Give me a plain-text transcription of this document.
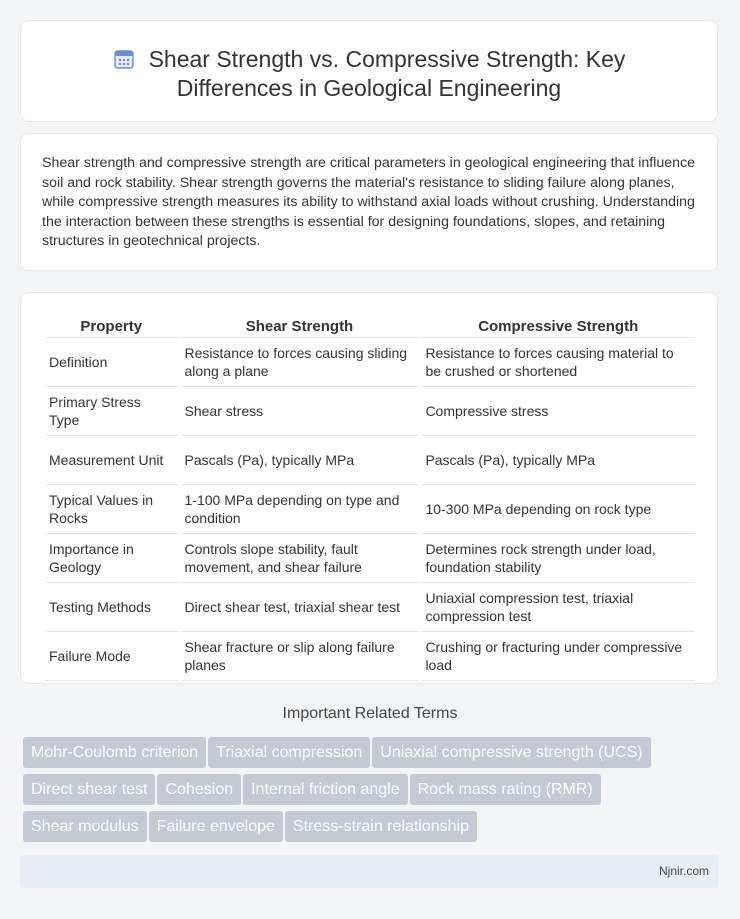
Shear Strength vs. Compressive Strength: Key
Differences in Geological Engineering
Shear strength and compressive strength are critical parameters in geological engineering that influence soil and rock stability. Shear strength governs the material's resistance to sliding failure along planes, while compressive strength measures its ability to withstand axial loads without crushing. Understanding the interaction between these strengths is essential for designing foundations, slopes, and retaining structures in geotechnical projects.
Property	Shear Strength	Compressive Strength
Definition	Resistance to forces causing sliding along a plane	Resistance to forces causing material to be crushed or shortened
Primary Stress Type	Shear stress	Compressive stress
Measurement Unit	Pascals (Pa), typically MPa	Pascals (Pa), typically MPa
Typical Values in Rocks	1-100 MPa depending on type and condition	10-300 MPa depending on rock type
Importance in Geology	Controls slope stability, fault movement, and shear failure	Determines rock strength under load, foundation stability
Testing Methods	Direct shear test, triaxial shear test	Uniaxial compression test, triaxial compression test
Failure Mode	Shear fracture or slip along failure planes	Crushing or fracturing under compressive load
Important Related Terms
Mohr-Coulomb criterion	Triaxial compression	Uniaxial compressive strength (UCS)
Direct shear test	Cohesion	Internal friction angle	Rock mass rating (RMR)
Shear modulus	Failure envelope	Stress-strain relationship
Njnir.com
